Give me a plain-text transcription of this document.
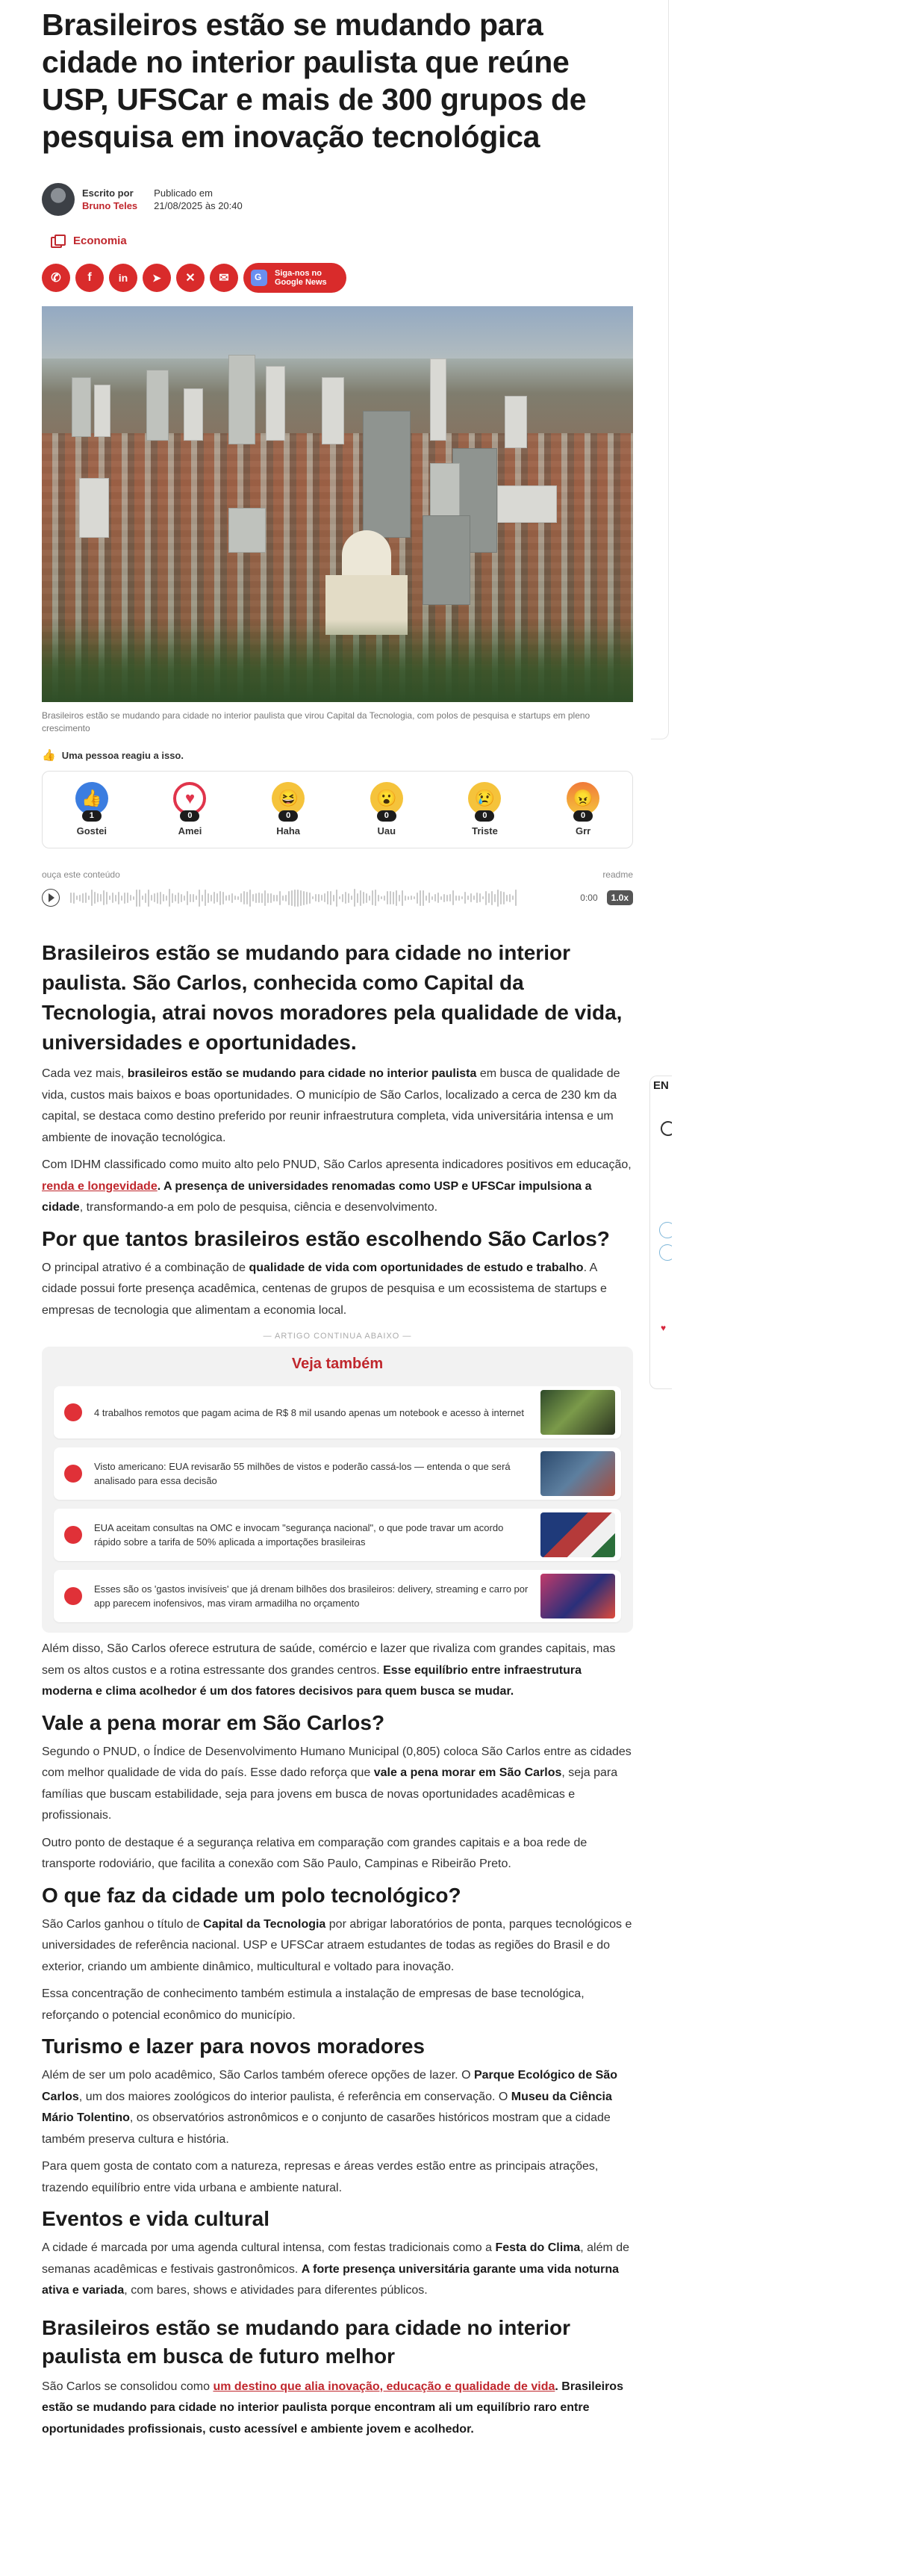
EN
♥
Brasileiros estão se mudando para cidade no interior paulista que reúne USP, UFSCar e mais de 300 grupos de pesquisa em inovação tecnológica
Escrito por
Bruno Teles
Publicado em
21/08/2025 às 20:40
Economia
✆	f	in	➤	✕	✉
G	Siga-nos no
Google News
Brasileiros estão se mudando para cidade no interior paulista que virou Capital da Tecnologia, com polos de pesquisa e startups em pleno crescimento
👍 Uma pessoa reagiu a isso.
👍
1
Gostei
♥
0
Amei
😆
0
Haha
😮
0
Uau
😢
0
Triste
😠
0
Grr
ouça este conteúdo	readme
0:00	1.0x
Brasileiros estão se mudando para cidade no interior paulista. São Carlos, conhecida como Capital da Tecnologia, atrai novos moradores pela qualidade de vida, universidades e oportunidades.

Cada vez mais, brasileiros estão se mudando para cidade no interior paulista em busca de qualidade de vida, custos mais baixos e boas oportunidades. O município de São Carlos, localizado a cerca de 230 km da capital, se destaca como destino preferido por reunir infraestrutura completa, vida universitária intensa e um ambiente de inovação tecnológica.

Com IDHM classificado como muito alto pelo PNUD, São Carlos apresenta indicadores positivos em educação, renda e longevidade. A presença de universidades renomadas como USP e UFSCar impulsiona a cidade, transformando-a em polo de pesquisa, ciência e desenvolvimento.

Por que tantos brasileiros estão escolhendo São Carlos?

O principal atrativo é a combinação de qualidade de vida com oportunidades de estudo e trabalho. A cidade possui forte presença acadêmica, centenas de grupos de pesquisa e um ecossistema de startups e empresas de tecnologia que alimentam a economia local.

— ARTIGO CONTINUA ABAIXO —
Veja também
4 trabalhos remotos que pagam acima de R$ 8 mil usando apenas um notebook e acesso à internet
Visto americano: EUA revisarão 55 milhões de vistos e poderão cassá-los — entenda o que será analisado para essa decisão
EUA aceitam consultas na OMC e invocam "segurança nacional", o que pode travar um acordo rápido sobre a tarifa de 50% aplicada a importações brasileiras
Esses são os 'gastos invisíveis' que já drenam bilhões dos brasileiros: delivery, streaming e carro por app parecem inofensivos, mas viram armadilha no orçamento

Além disso, São Carlos oferece estrutura de saúde, comércio e lazer que rivaliza com grandes capitais, mas sem os altos custos e a rotina estressante dos grandes centros. Esse equilíbrio entre infraestrutura moderna e clima acolhedor é um dos fatores decisivos para quem busca se mudar.

Vale a pena morar em São Carlos?

Segundo o PNUD, o Índice de Desenvolvimento Humano Municipal (0,805) coloca São Carlos entre as cidades com melhor qualidade de vida do país. Esse dado reforça que vale a pena morar em São Carlos, seja para famílias que buscam estabilidade, seja para jovens em busca de novas oportunidades acadêmicas e profissionais.

Outro ponto de destaque é a segurança relativa em comparação com grandes capitais e a boa rede de transporte rodoviário, que facilita a conexão com São Paulo, Campinas e Ribeirão Preto.

O que faz da cidade um polo tecnológico?

São Carlos ganhou o título de Capital da Tecnologia por abrigar laboratórios de ponta, parques tecnológicos e universidades de referência nacional. USP e UFSCar atraem estudantes de todas as regiões do Brasil e do exterior, criando um ambiente dinâmico, multicultural e voltado para inovação.

Essa concentração de conhecimento também estimula a instalação de empresas de base tecnológica, reforçando o potencial econômico do município.

Turismo e lazer para novos moradores

Além de ser um polo acadêmico, São Carlos também oferece opções de lazer. O Parque Ecológico de São Carlos, um dos maiores zoológicos do interior paulista, é referência em conservação. O Museu da Ciência Mário Tolentino, os observatórios astronômicos e o conjunto de casarões históricos mostram que a cidade também preserva cultura e história.

Para quem gosta de contato com a natureza, represas e áreas verdes estão entre as principais atrações, trazendo equilíbrio entre vida urbana e ambiente natural.

Eventos e vida cultural

A cidade é marcada por uma agenda cultural intensa, com festas tradicionais como a Festa do Clima, além de semanas acadêmicas e festivais gastronômicos. A forte presença universitária garante uma vida noturna ativa e variada, com bares, shows e atividades para diferentes públicos.

Brasileiros estão se mudando para cidade no interior paulista em busca de futuro melhor

São Carlos se consolidou como um destino que alia inovação, educação e qualidade de vida. Brasileiros estão se mudando para cidade no interior paulista porque encontram ali um equilíbrio raro entre oportunidades profissionais, custo acessível e ambiente jovem e acolhedor.
